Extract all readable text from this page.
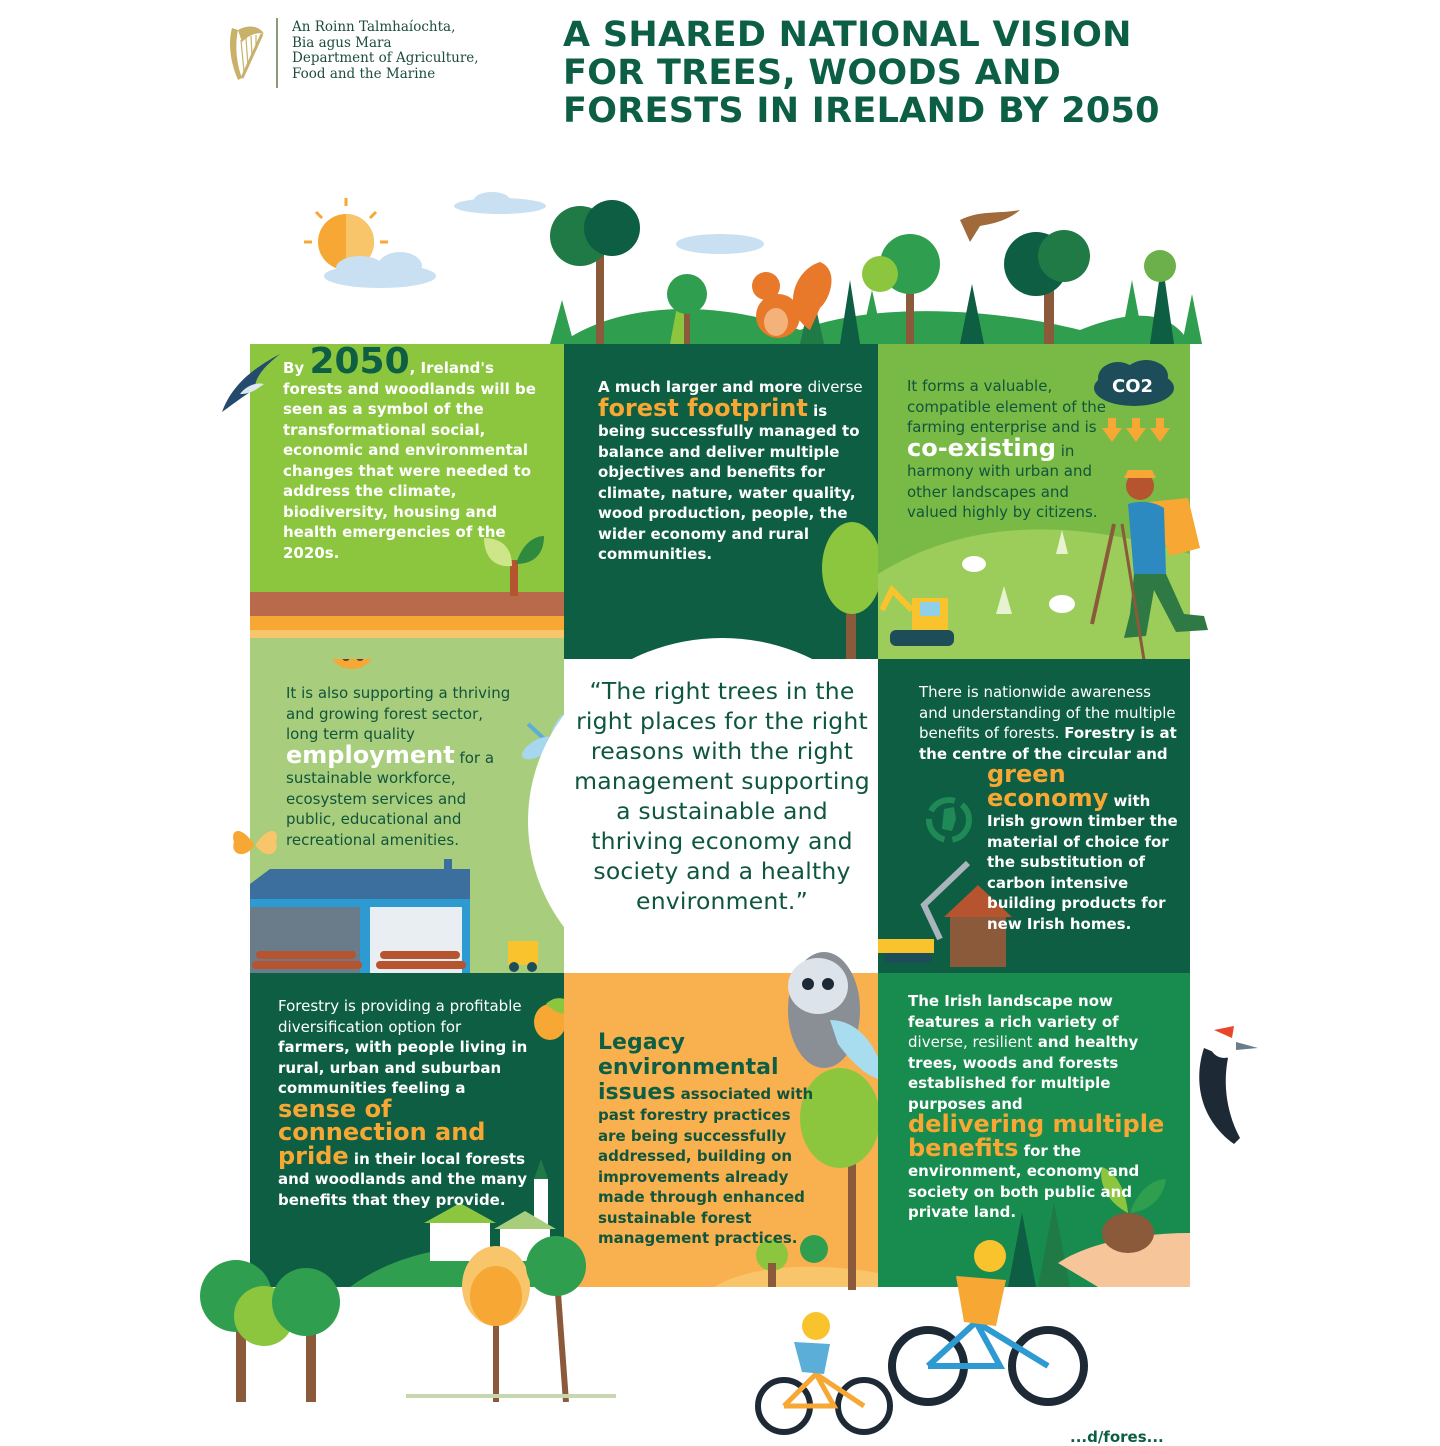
An Roinn Talmhaíochta,
Bia agus Mara
Department of Agriculture,
Food and the Marine
A SHARED NATIONAL VISION
FOR TREES, WOODS AND
FORESTS IN IRELAND BY 2050
By 2050, Ireland's forests and woodlands will be seen as a symbol of the transformational social, economic and environmental changes that were needed to address the climate, biodiversity, housing and health emergencies of the 2020s.
A much larger and more diverse
forest footprint is being successfully managed to balance and deliver multiple objectives and benefits for climate, nature, water quality, wood production, people, the wider economy and rural communities.
CO2
It forms a valuable, compatible element of the farming enterprise and is
co-existing in harmony with urban and other landscapes and valued highly by citizens.
It is also supporting a thriving and growing forest sector, long term quality
employment for a sustainable workforce, ecosystem services and public, educational and recreational amenities.
“The right trees in the right places for the right reasons with the right management supporting a sustainable and thriving economy and society and a healthy environment.”
There is nationwide awareness and understanding of the multiple benefits of forests. Forestry is at the centre of the circular and
green economy with Irish grown timber the material of choice for the substitution of carbon intensive building products for new Irish homes.
Forestry is providing a profitable diversification option for farmers, with people living in rural, urban and suburban communities feeling a sense of connection and pride in their local forests and woodlands and the many benefits that they provide.
Legacy environmental issues associated with past forestry practices are being successfully addressed, building on improvements already made through enhanced sustainable forest management practices.
The Irish landscape now features a rich variety of diverse, resilient and healthy trees, woods and forests established for multiple purposes and
delivering multiple benefits for the environment, economy and society on both public and private land.
...d/fores...
